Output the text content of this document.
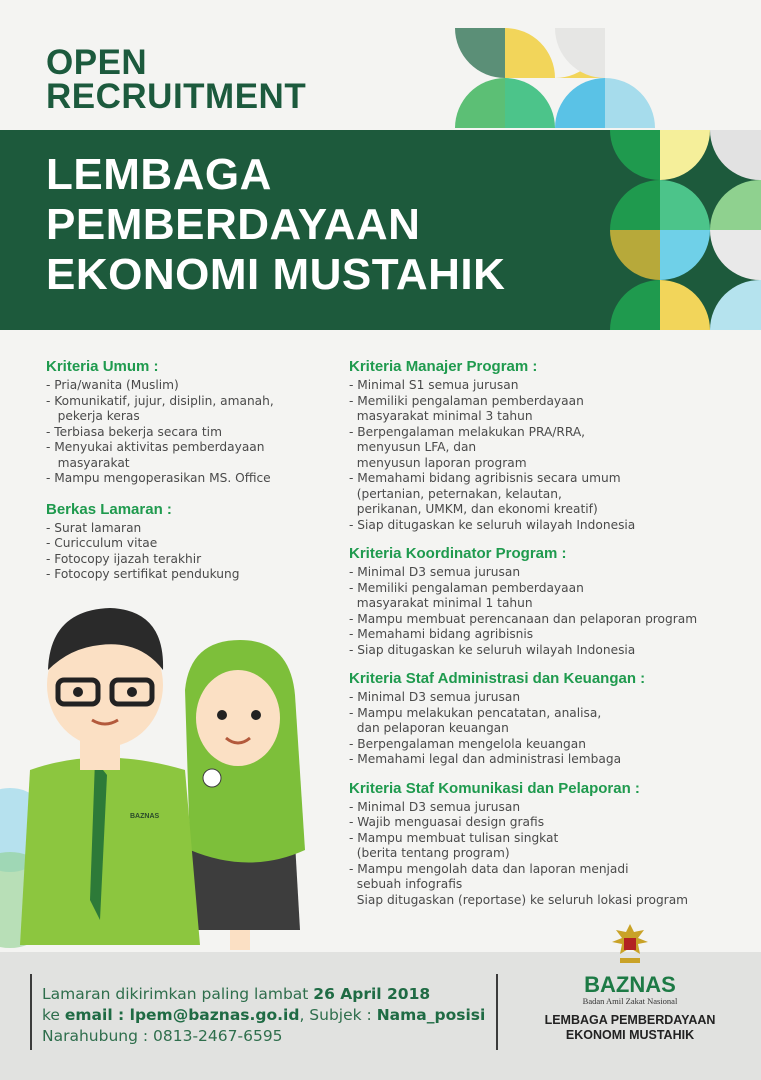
OPEN
RECRUITMENT
LEMBAGA
PEMBERDAYAAN
EKONOMI MUSTAHIK
Kriteria Umum :
- Pria/wanita (Muslim)
- Komunikatif, jujur, disiplin, amanah,
pekerja keras
- Terbiasa bekerja secara tim
- Menyukai aktivitas pemberdayaan
masyarakat
- Mampu mengoperasikan MS. Office
Berkas Lamaran :
- Surat lamaran
- Curicculum vitae
- Fotocopy ijazah terakhir
- Fotocopy sertifikat pendukung
Kriteria Manajer Program :
- Minimal S1 semua jurusan
- Memiliki pengalaman pemberdayaan
masyarakat minimal 3 tahun
- Berpengalaman melakukan PRA/RRA,
menyusun LFA, dan
menyusun laporan program
- Memahami bidang agribisnis secara umum
(pertanian, peternakan, kelautan,
perikanan, UMKM, dan ekonomi kreatif)
- Siap ditugaskan ke seluruh wilayah Indonesia
Kriteria Koordinator Program :
- Minimal D3 semua jurusan
- Memiliki pengalaman pemberdayaan
masyarakat minimal 1 tahun
- Mampu membuat perencanaan dan pelaporan program
- Memahami bidang agribisnis
- Siap ditugaskan ke seluruh wilayah Indonesia
Kriteria Staf Administrasi dan Keuangan :
- Minimal D3 semua jurusan
- Mampu melakukan pencatatan, analisa,
dan pelaporan keuangan
- Berpengalaman mengelola keuangan
- Memahami legal dan administrasi lembaga
Kriteria Staf Komunikasi dan Pelaporan :
- Minimal D3 semua jurusan
- Wajib menguasai design grafis
- Mampu membuat tulisan singkat
(berita tentang program)
- Mampu mengolah data dan laporan menjadi
sebuah infografis
Siap ditugaskan (reportase) ke seluruh lokasi program
BAZNAS
Lamaran dikirimkan paling lambat 26 April 2018
ke email : lpem@baznas.go.id, Subjek : Nama_posisi
Narahubung : 0813-2467-6595
BAZNAS
Badan Amil Zakat Nasional
LEMBAGA PEMBERDAYAAN
EKONOMI MUSTAHIK
